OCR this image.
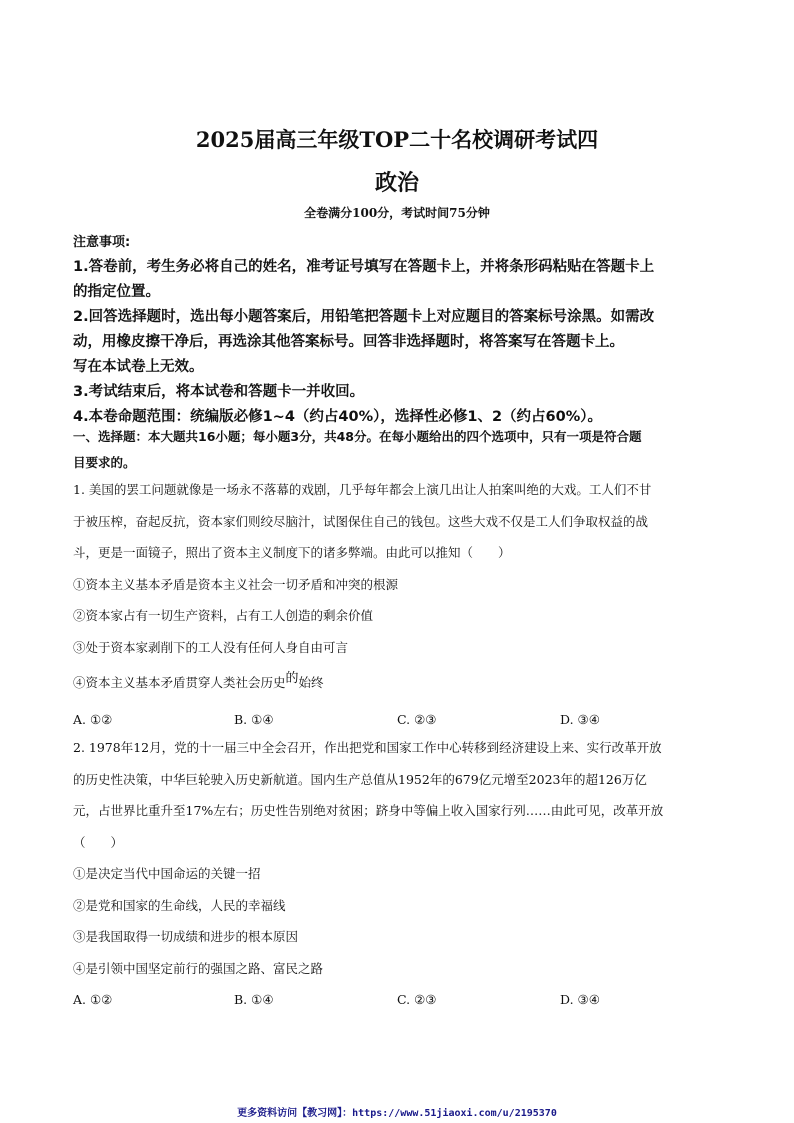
2025届高三年级TOP二十名校调研考试四
政治
全卷满分100分，考试时间75分钟
注意事项:
1.答卷前，考生务必将自己的姓名，准考证号填写在答题卡上，并将条形码粘贴在答题卡上
的指定位置。
2.回答选择题时，选出每小题答案后，用铅笔把答题卡上对应题目的答案标号涂黑。如需改
动，用橡皮擦干净后，再选涂其他答案标号。回答非选择题时，将答案写在答题卡上。
写在本试卷上无效。
3.考试结束后，将本试卷和答题卡一并收回。
4.本卷命题范围：统编版必修1~4（约占40%），选择性必修1、2（约占60%）。
一、选择题：本大题共16小题；每小题3分，共48分。在每小题给出的四个选项中，只有一项是符合题
目要求的。
1. 美国的罢工问题就像是一场永不落幕的戏剧，几乎每年都会上演几出让人拍案叫绝的大戏。工人们不甘
于被压榨，奋起反抗，资本家们则绞尽脑汁，试图保住自己的钱包。这些大戏不仅是工人们争取权益的战
斗，更是一面镜子，照出了资本主义制度下的诸多弊端。由此可以推知（　　）
①资本主义基本矛盾是资本主义社会一切矛盾和冲突的根源
②资本家占有一切生产资料，占有工人创造的剩余价值
③处于资本家剥削下的工人没有任何人身自由可言
④资本主义基本矛盾贯穿人类社会历史的始终
A. ①②	B. ①④	C. ②③	D. ③④
2. 1978年12月，党的十一届三中全会召开，作出把党和国家工作中心转移到经济建设上来、实行改革开放
的历史性决策，中华巨轮驶入历史新航道。国内生产总值从1952年的679亿元增至2023年的超126万亿
元，占世界比重升至17%左右；历史性告别绝对贫困；跻身中等偏上收入国家行列……由此可见，改革开放
（　　）
①是决定当代中国命运的关键一招
②是党和国家的生命线，人民的幸福线
③是我国取得一切成绩和进步的根本原因
④是引领中国坚定前行的强国之路、富民之路
A. ①②	B. ①④	C. ②③	D. ③④
更多资料访问【教习网】：https://www.51jiaoxi.com/u/2195370
